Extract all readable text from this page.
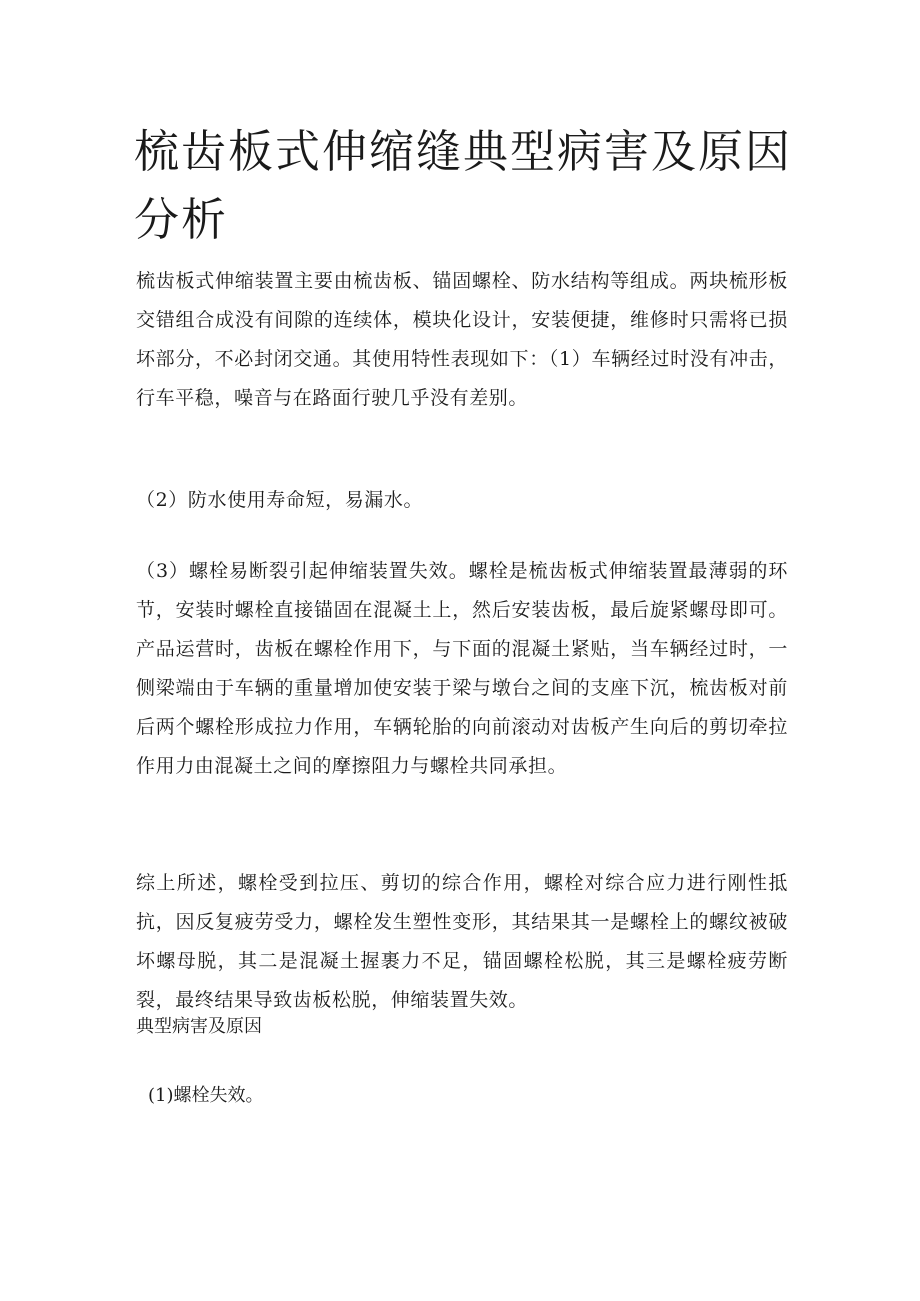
梳齿板式伸缩缝典型病害及原因分析

梳齿板式伸缩装置主要由梳齿板、锚固螺栓、防水结构等组成。两块梳形板交错组合成没有间隙的连续体，模块化设计，安装便捷，维修时只需将已损坏部分，不必封闭交通。其使用特性表现如下：（1）车辆经过时没有冲击，行车平稳，噪音与在路面行驶几乎没有差别。

（2）防水使用寿命短，易漏水。

（3）螺栓易断裂引起伸缩装置失效。螺栓是梳齿板式伸缩装置最薄弱的环节，安装时螺栓直接锚固在混凝土上，然后安装齿板，最后旋紧螺母即可。产品运营时，齿板在螺栓作用下，与下面的混凝土紧贴，当车辆经过时，一侧梁端由于车辆的重量增加使安装于梁与墩台之间的支座下沉，梳齿板对前后两个螺栓形成拉力作用，车辆轮胎的向前滚动对齿板产生向后的剪切牵拉作用力由混凝土之间的摩擦阻力与螺栓共同承担。

综上所述，螺栓受到拉压、剪切的综合作用，螺栓对综合应力进行刚性抵抗，因反复疲劳受力，螺栓发生塑性变形，其结果其一是螺栓上的螺纹被破坏螺母脱，其二是混凝土握裹力不足，锚固螺栓松脱，其三是螺栓疲劳断裂，最终结果导致齿板松脱，伸缩装置失效。

典型病害及原因

(1)螺栓失效。
